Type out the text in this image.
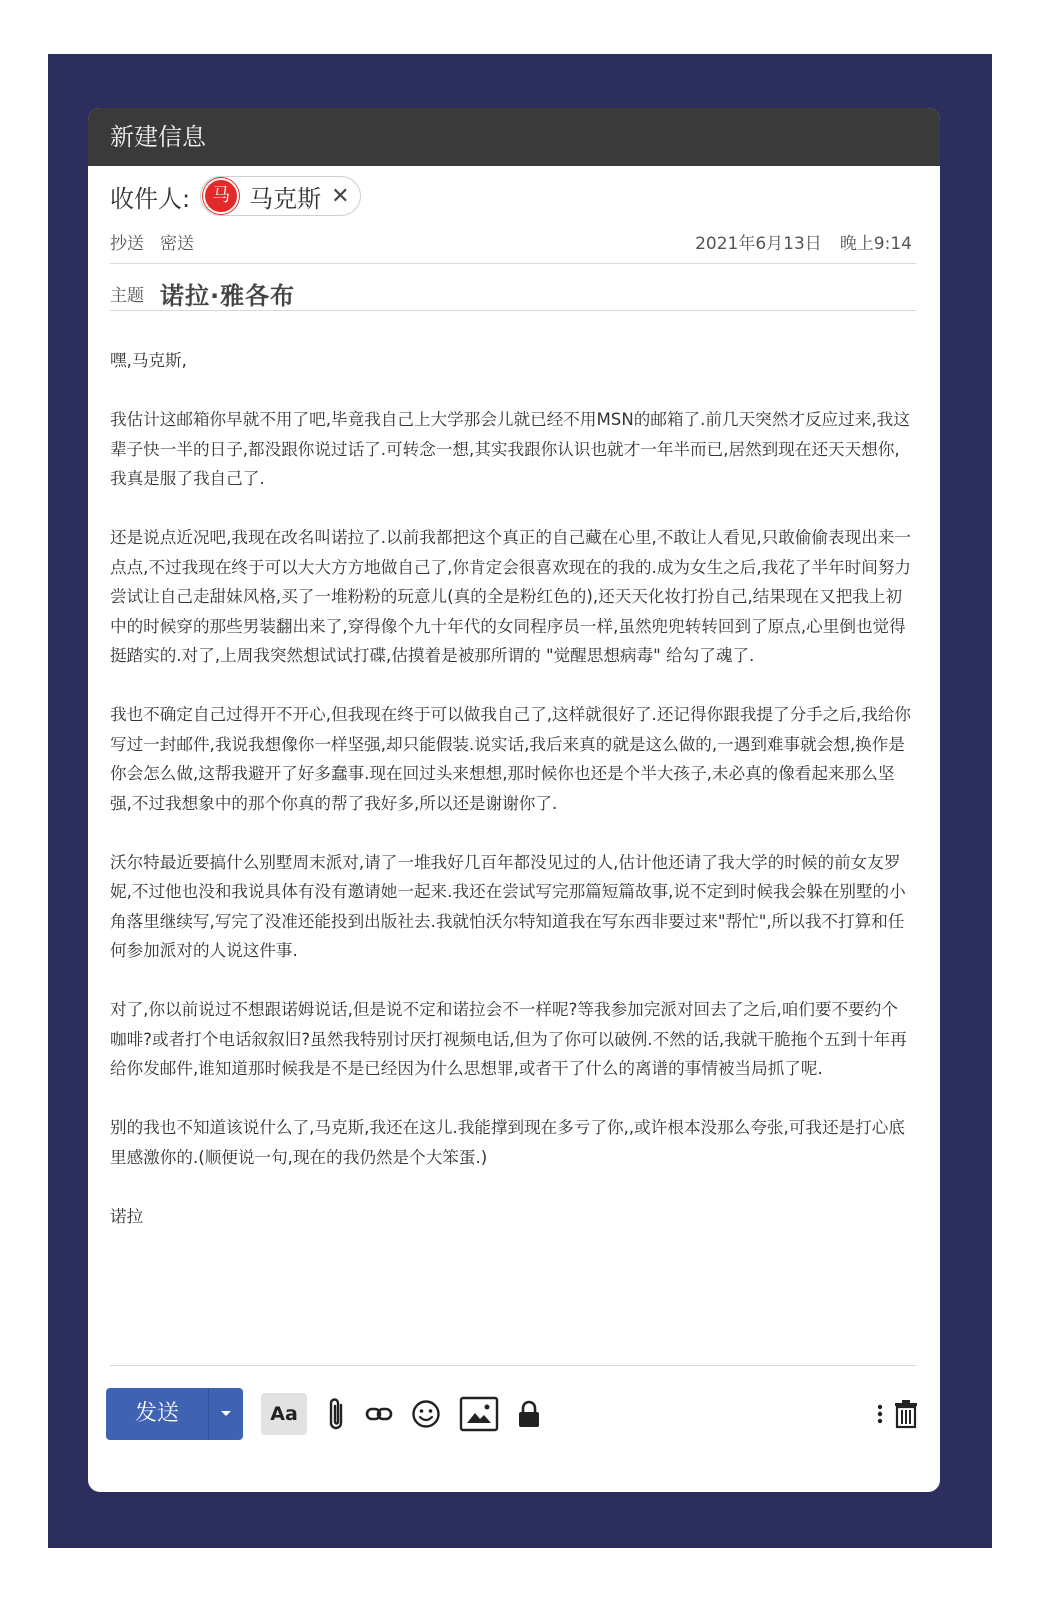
新建信息
收件人:	马 马克斯 ✕
抄送 密送	2021年6月13日 晚上9:14
主题 诺拉·雅各布

嘿,马克斯,

我估计这邮箱你早就不用了吧,毕竟我自己上大学那会儿就已经不用MSN的邮箱了.前几天突然才反应过来,我这辈子快一半的日子,都没跟你说过话了.可转念一想,其实我跟你认识也就才一年半而已,居然到现在还天天想你,我真是服了我自己了.

还是说点近况吧,我现在改名叫诺拉了.以前我都把这个真正的自己藏在心里,不敢让人看见,只敢偷偷表现出来一点点,不过我现在终于可以大大方方地做自己了,你肯定会很喜欢现在的我的.成为女生之后,我花了半年时间努力尝试让自己走甜妹风格,买了一堆粉粉的玩意儿(真的全是粉红色的),还天天化妆打扮自己,结果现在又把我上初中的时候穿的那些男装翻出来了,穿得像个九十年代的女同程序员一样,虽然兜兜转转回到了原点,心里倒也觉得挺踏实的.对了,上周我突然想试试打碟,估摸着是被那所谓的 "觉醒思想病毒" 给勾了魂了.

我也不确定自己过得开不开心,但我现在终于可以做我自己了,这样就很好了.还记得你跟我提了分手之后,我给你写过一封邮件,我说我想像你一样坚强,却只能假装.说实话,我后来真的就是这么做的,一遇到难事就会想,换作是你会怎么做,这帮我避开了好多蠢事.现在回过头来想想,那时候你也还是个半大孩子,未必真的像看起来那么坚强,不过我想象中的那个你真的帮了我好多,所以还是谢谢你了.

沃尔特最近要搞什么别墅周末派对,请了一堆我好几百年都没见过的人,估计他还请了我大学的时候的前女友罗妮,不过他也没和我说具体有没有邀请她一起来.我还在尝试写完那篇短篇故事,说不定到时候我会躲在别墅的小角落里继续写,写完了没准还能投到出版社去.我就怕沃尔特知道我在写东西非要过来"帮忙",所以我不打算和任何参加派对的人说这件事.

对了,你以前说过不想跟诺姆说话,但是说不定和诺拉会不一样呢?等我参加完派对回去了之后,咱们要不要约个咖啡?或者打个电话叙叙旧?虽然我特别讨厌打视频电话,但为了你可以破例.不然的话,我就干脆拖个五到十年再给你发邮件,谁知道那时候我是不是已经因为什么思想罪,或者干了什么的离谱的事情被当局抓了呢.

别的我也不知道该说什么了,马克斯,我还在这儿.我能撑到现在多亏了你,,或许根本没那么夸张,可我还是打心底里感激你的.(顺便说一句,现在的我仍然是个大笨蛋.)

诺拉

发送	Aa
